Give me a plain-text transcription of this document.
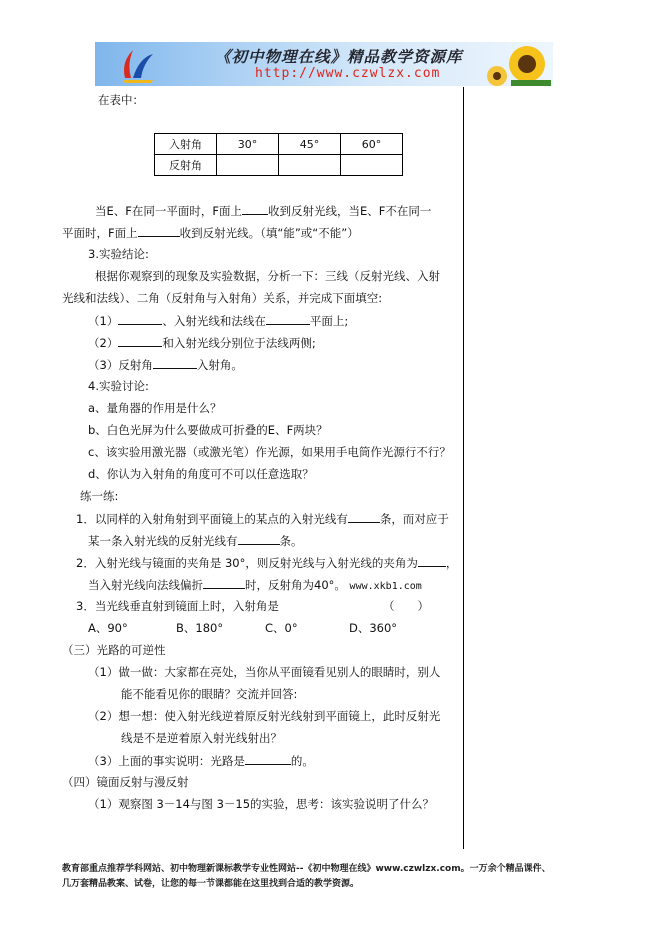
《初中物理在线》精品教学资源库
http://www.czwlzx.com
在表中：
入射角	30°	45°	60°
反射角			
当E、F在同一平面时，F面上 收到反射光线，当E、F不在同一
平面时，F面上	收到反射光线。（填“能”或“不能”）
3.实验结论:
根据你观察到的现象及实验数据，分析一下：三线（反射光线、入射
光线和法线）、二角（反射角与入射角）关系，并完成下面填空:
（1）	、入射光线和法线在	平面上;
（2）	和入射光线分别位于法线两侧;
（3）反射角	入射角。
4.实验讨论:
a、量角器的作用是什么？
b、白色光屏为什么要做成可折叠的E、F两块？
c、该实验用激光器（或激光笔）作光源，如果用手电筒作光源行不行？
d、你认为入射角的角度可不可以任意选取？
练一练:
1．以同样的入射角射到平面镜上的某点的入射光线有	条，而对应于
某一条入射光线的反射光线有	条。
2．入射光线与镜面的夹角是 30°，则反射光线与入射光线的夹角为 ，
当入射光线向法线偏折	时，反射角为40°。 www.xkb1.com
3．当光线垂直射到镜面上时，入射角是	（　　）
A、90°	B、180°	C、0°	D、360°
（三）光路的可逆性
（1）做一做：大家都在亮处，当你从平面镜看见别人的眼睛时，别人
能不能看见你的眼睛？交流并回答:
（2）想一想：使入射光线逆着原反射光线射到平面镜上，此时反射光
线是不是逆着原入射光线射出？
（3）上面的事实说明：光路是	的。
（四）镜面反射与漫反射
（1）观察图 3－14与图 3－15的实验，思考：该实验说明了什么？
教育部重点推荐学科网站、初中物理新课标教学专业性网站--《初中物理在线》www.czwlzx.com。一万余个精品课件、
几万套精品教案、试卷，让您的每一节课都能在这里找到合适的教学资源。
